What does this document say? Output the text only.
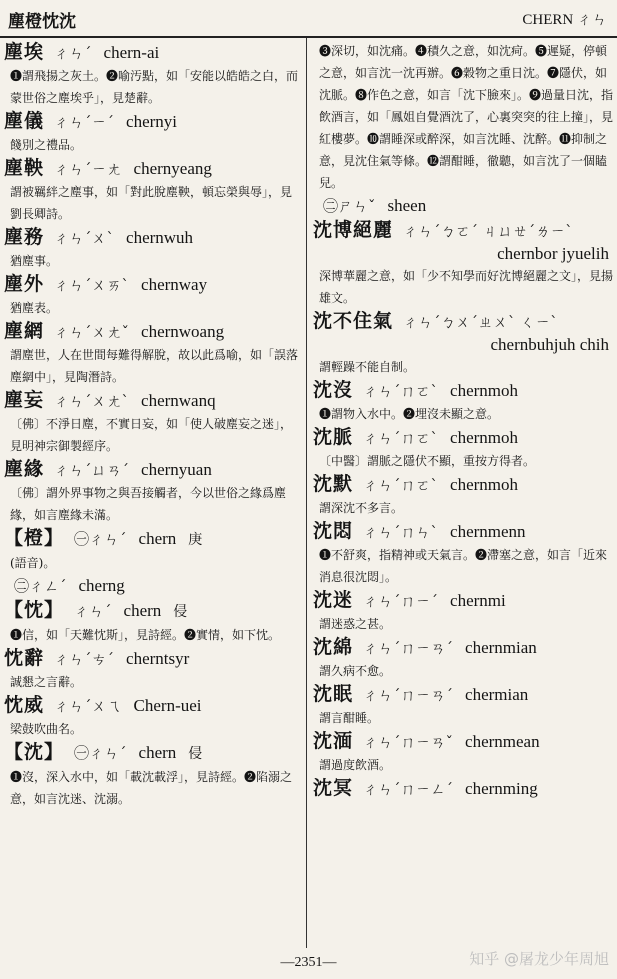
塵橙忱沈	CHERN ㄔㄣ
塵埃 ㄔㄣˊ chern-ai
❶謂飛揚之灰土。❷喻汚點，如「安能以皓皓之白，而蒙世俗之塵埃乎」，見楚辭。
塵儀 ㄔㄣˊㄧˊ chernyi
餞別之禮品。
塵鞅 ㄔㄣˊㄧㄤ chernyeang
謂被羈絆之塵事，如「對此脫塵鞅，頓忘榮與辱」，見劉長卿詩。
塵務 ㄔㄣˊㄨˋ chernwuh
猶塵事。
塵外 ㄔㄣˊㄨㄞˋ chernway
猶塵表。
塵網 ㄔㄣˊㄨㄤˇ chernwoang
謂塵世，人在世間每難得解脫，故以此爲喻，如「誤落塵網中」，見陶潛詩。
塵妄 ㄔㄣˊㄨㄤˋ chernwanq
〔佛〕不淨日塵，不實日妄，如「使人破塵妄之迷」，見明神宗御製經序。
塵緣 ㄔㄣˊㄩㄢˊ chernyuan
〔佛〕謂外界事物之與吾接觸者，今以世俗之緣爲塵緣，如言塵緣未滿。
【橙】 ㊀ㄔㄣˊ chern 庚
(語音)。
㊁ㄔㄥˊ cherng
【忱】 ㄔㄣˊ chern 侵
❶信，如「天難忱斯」，見詩經。❷實情，如下忱。
忱辭 ㄔㄣˊㄘˊ cherntsyr
誠懇之言辭。
忱威 ㄔㄣˊㄨㄟ Chern-uei
梁鼓吹曲名。
【沈】 ㊀ㄔㄣˊ chern 侵
❶沒，深入水中，如「載沈載浮」，見詩經。❷陷溺之意，如言沈迷、沈溺。
❸深切，如沈痛。❹積久之意，如沈疴。❺遲疑，停頓之意，如言沈一沈再辦。❻穀物之重日沈。❼隱伏，如沈脈。❽作色之意，如言「沈下臉來」。❾過量日沈，指飲酒言，如「鳳姐自覺酒沈了，心裏突突的往上撞」，見紅樓夢。❿謂睡深或醉深，如言沈睡、沈醉。⓫抑制之意，見沈住氣等條。⓬謂酣睡，徹聽，如言沈了一個瞌兒。
㊁ㄕㄣˇ sheen
沈博絕麗 ㄔㄣˊㄅㄛˊ ㄐㄩㄝˊㄌㄧˋ
chernbor jyuelih
深博華麗之意，如「少不知學而好沈博絕麗之文」，見揚雄文。
沈不住氣 ㄔㄣˊㄅㄨˊㄓㄨˋ ㄑㄧˋ
chernbuhjuh chih
謂輕躁不能自制。
沈沒 ㄔㄣˊㄇㄛˋ chernmoh
❶謂物入水中。❷埋沒未顯之意。
沈脈 ㄔㄣˊㄇㄛˋ chernmoh
〔中醫〕謂脈之隱伏不顯，重按方得者。
沈默 ㄔㄣˊㄇㄛˋ chernmoh
謂深沈不多言。
沈悶 ㄔㄣˊㄇㄣˋ chernmenn
❶不舒爽，指精神或天氣言。❷滯塞之意，如言「近來消息很沈悶」。
沈迷 ㄔㄣˊㄇㄧˊ chernmi
謂迷惑之甚。
沈綿 ㄔㄣˊㄇㄧㄢˊ chernmian
謂久病不愈。
沈眠 ㄔㄣˊㄇㄧㄢˊ chermian
謂言酣睡。
沈湎 ㄔㄣˊㄇㄧㄢˇ chernmean
謂過度飲酒。
沈冥 ㄔㄣˊㄇㄧㄥˊ chernming
—2351—	知乎 @屠龙少年周旭
